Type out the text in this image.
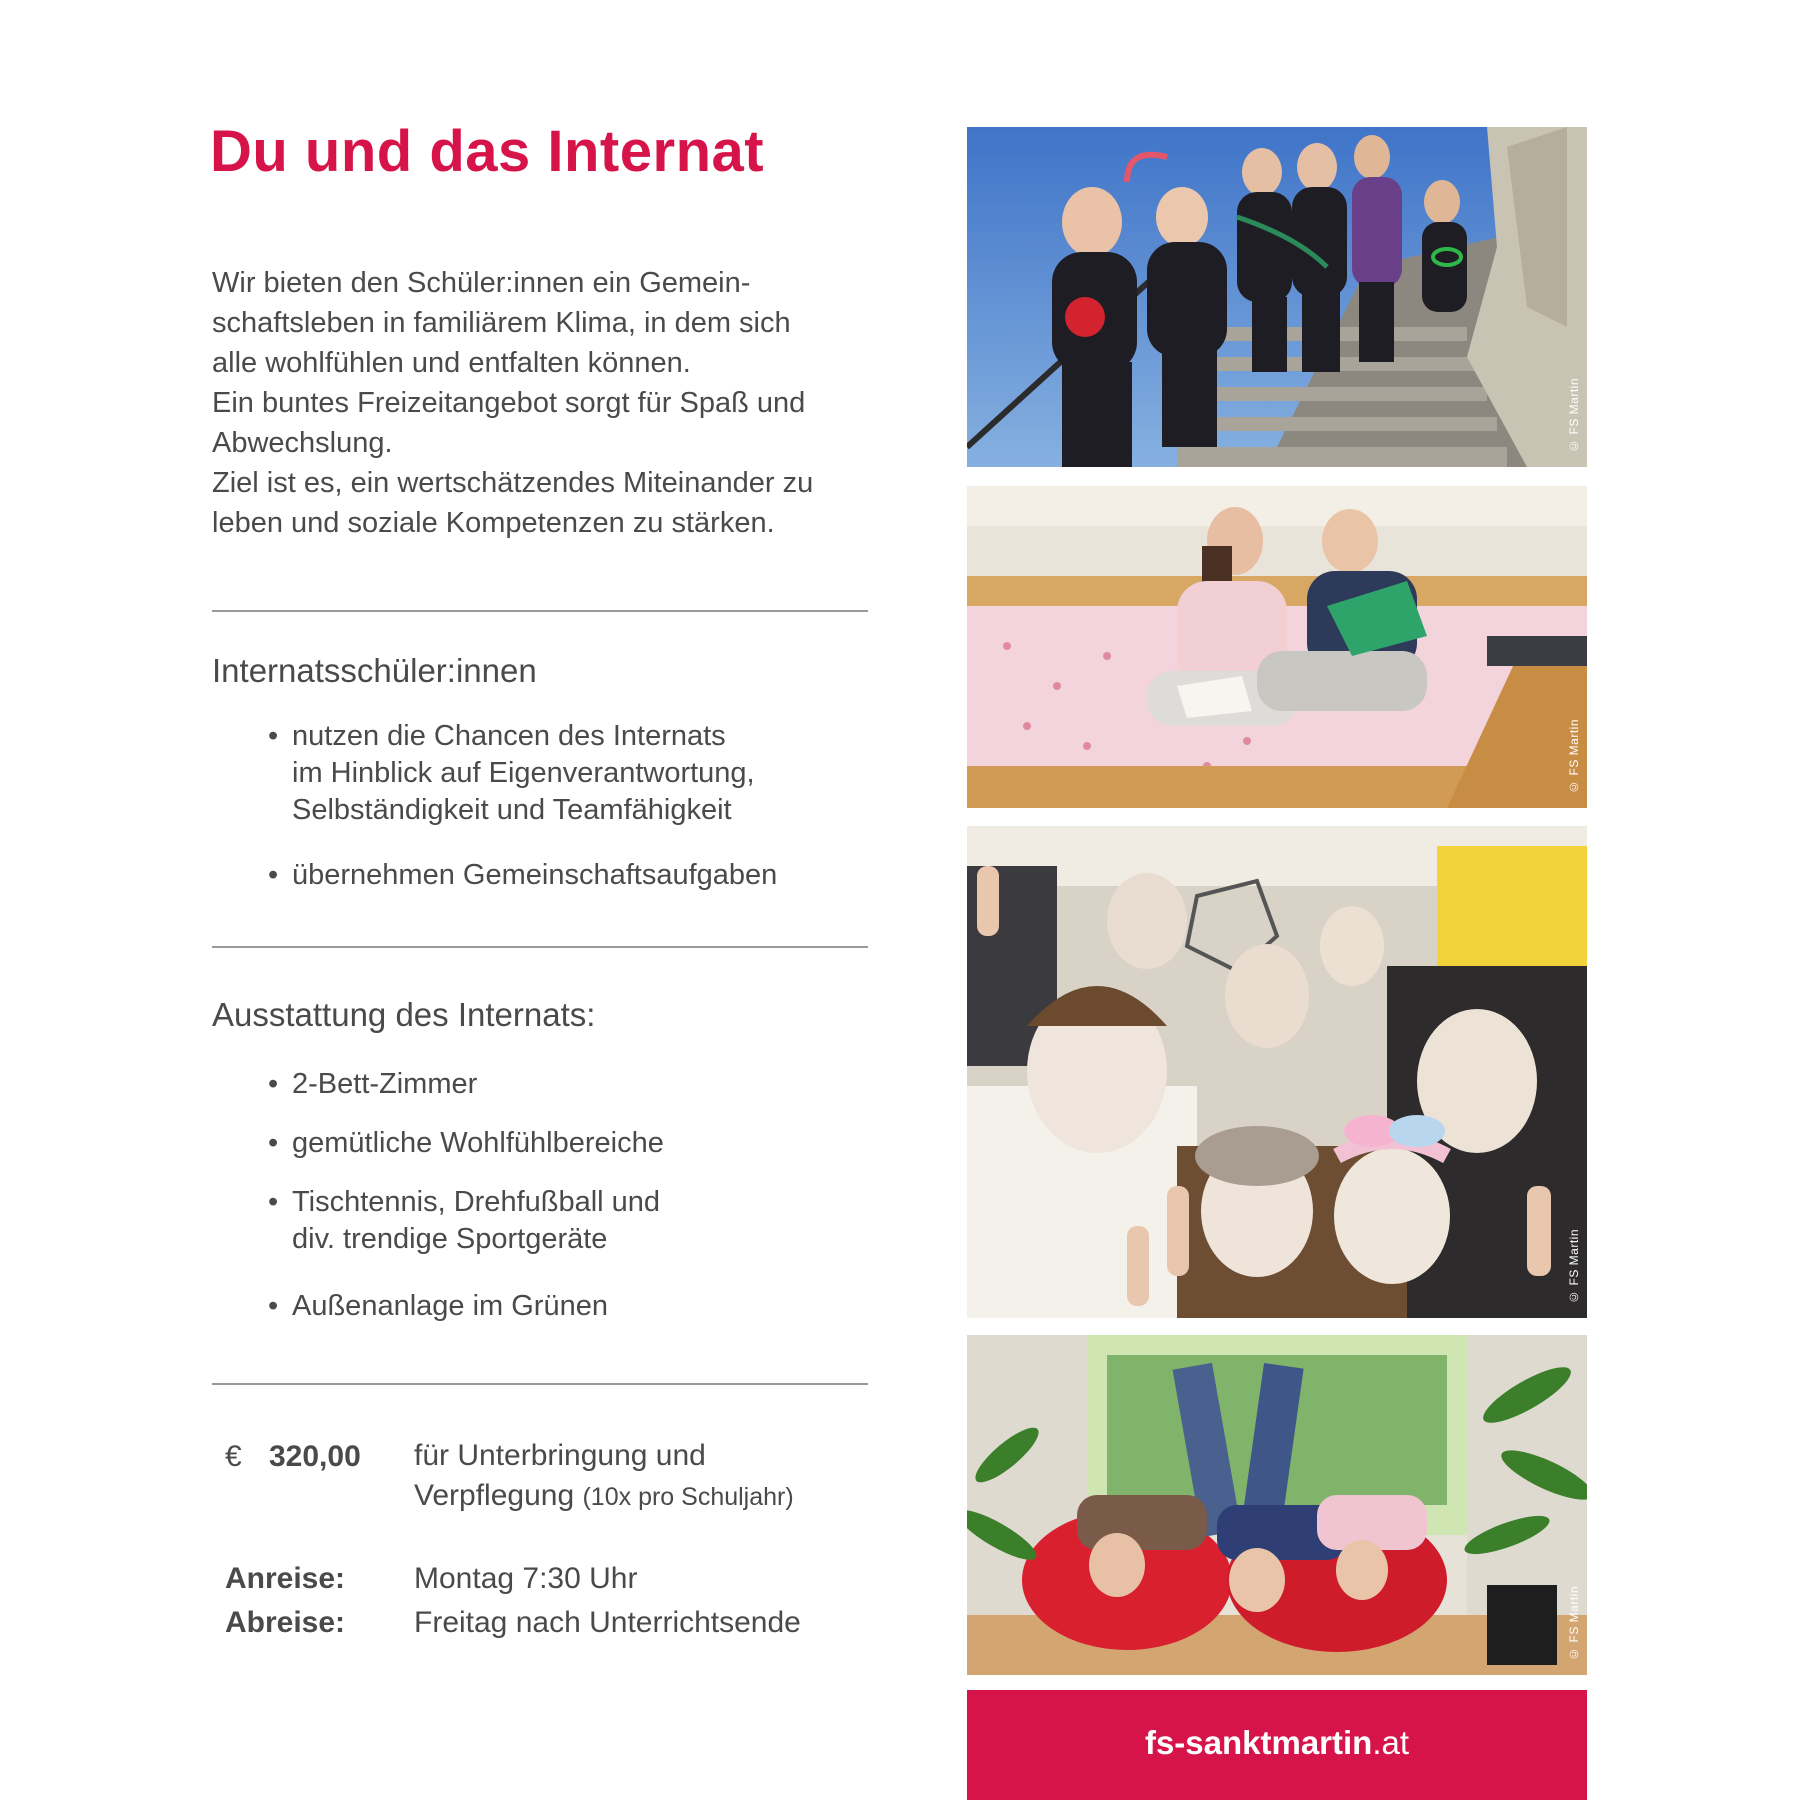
Du und das Internat

Wir bieten den Schüler:innen ein Gemein-

schaftsleben in familiärem Klima, in dem sich

alle wohlfühlen und entfalten können.

Ein buntes Freizeitangebot sorgt für Spaß und

Abwechslung.

Ziel ist es, ein wertschätzendes Miteinander zu

leben und soziale Kompetenzen zu stärken.

Internatsschüler:innen
• nutzen die Chancen des Internats
im Hinblick auf Eigenverantwortung,
Selbständigkeit und Teamfähigkeit
• übernehmen Gemeinschaftsaufgaben
Ausstattung des Internats:
• 2-Bett-Zimmer
• gemütliche Wohlfühlbereiche
• Tischtennis, Drehfußball und
div. trendige Sportgeräte
• Außenanlage im Grünen
€ 320,00 für Unterbringung und
Verpflegung (10x pro Schuljahr)
Anreise: Montag 7:30 Uhr
Abreise: Freitag nach Unterrichtsende
© FS Martin
© FS Martin
© FS Martin
© FS Martin
fs-sanktmartin.at
